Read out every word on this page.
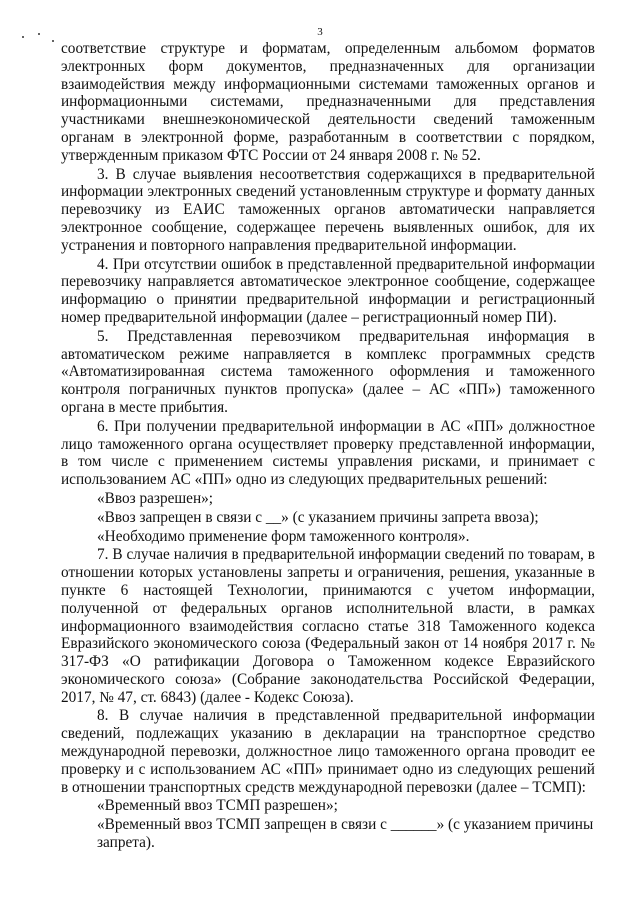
3

соответствие структуре и форматам, определенным альбомом форматов электронных форм документов, предназначенных для организации взаимодействия между информационными системами таможенных органов и информационными системами, предназначенными для представления участниками внешнеэкономической деятельности сведений таможенным органам в электронной форме, разработанным в соответствии с порядком, утвержденным приказом ФТС России от 24 января 2008 г. № 52.

3. В случае выявления несоответствия содержащихся в предварительной информации электронных сведений установленным структуре и формату данных перевозчику из ЕАИС таможенных органов автоматически направляется электронное сообщение, содержащее перечень выявленных ошибок, для их устранения и повторного направления предварительной информации.

4. При отсутствии ошибок в представленной предварительной информации перевозчику направляется автоматическое электронное сообщение, содержащее информацию о принятии предварительной информации и регистрационный номер предварительной информации (далее – регистрационный номер ПИ).

5. Представленная перевозчиком предварительная информация в автоматическом режиме направляется в комплекс программных средств «Автоматизированная система таможенного оформления и таможенного контроля пограничных пунктов пропуска» (далее – АС «ПП») таможенного органа в месте прибытия.

6. При получении предварительной информации в АС «ПП» должностное лицо таможенного органа осуществляет проверку представленной информации, в том числе с применением системы управления рисками, и принимает с использованием АС «ПП» одно из следующих предварительных решений:

«Ввоз разрешен»;

«Ввоз запрещен в связи с __» (с указанием причины запрета ввоза);

«Необходимо применение форм таможенного контроля».

7. В случае наличия в предварительной информации сведений по товарам, в отношении которых установлены запреты и ограничения, решения, указанные в пункте 6 настоящей Технологии, принимаются с учетом информации, полученной от федеральных органов исполнительной власти, в рамках информационного взаимодействия согласно статье 318 Таможенного кодекса Евразийского экономического союза (Федеральный закон от 14 ноября 2017 г. № 317-ФЗ «О ратификации Договора о Таможенном кодексе Евразийского экономического союза» (Собрание законодательства Российской Федерации, 2017, № 47, ст. 6843) (далее - Кодекс Союза).

8. В случае наличия в представленной предварительной информации сведений, подлежащих указанию в декларации на транспортное средство международной перевозки, должностное лицо таможенного органа проводит ее проверку и с использованием АС «ПП» принимает одно из следующих решений в отношении транспортных средств международной перевозки (далее – ТСМП):

«Временный ввоз ТСМП разрешен»;

«Временный ввоз ТСМП запрещен в связи с ______» (с указанием причины запрета).
